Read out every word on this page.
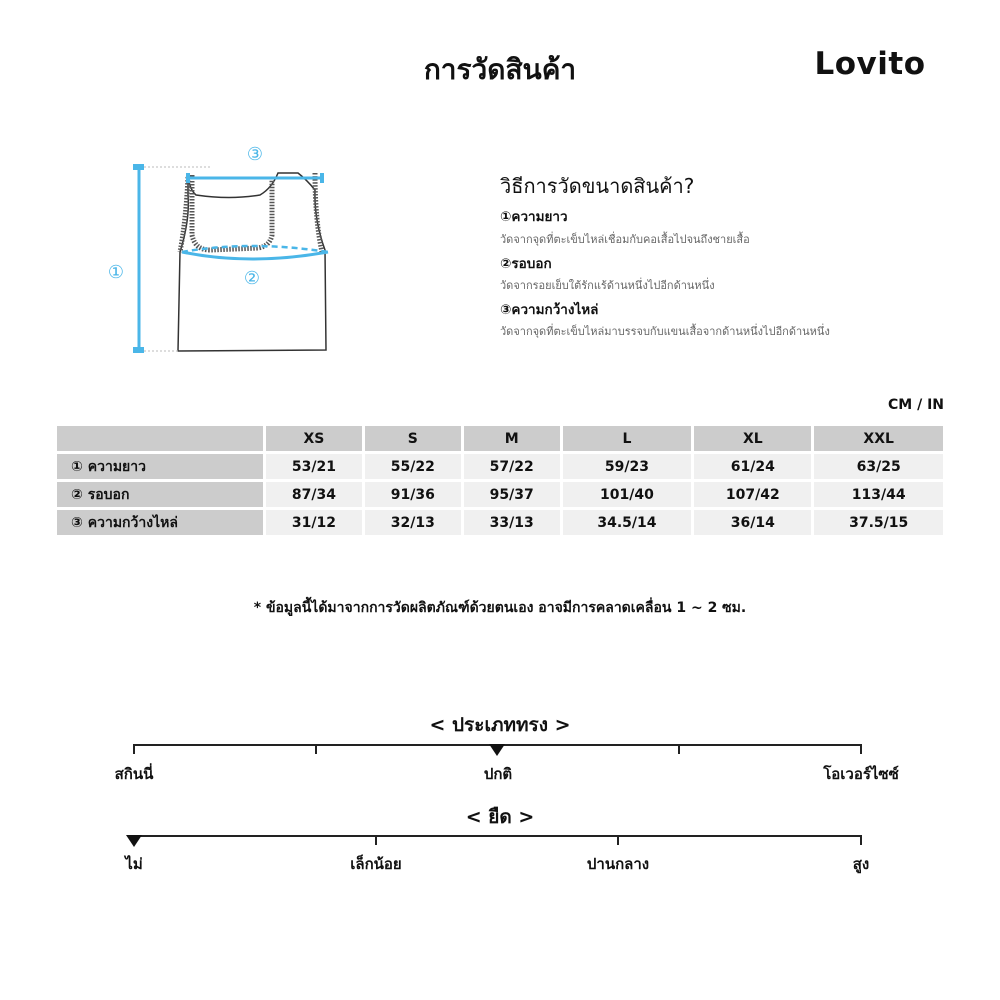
การวัดสินค้า	Lovito
①	②
③
วิธีการวัดขนาดสินค้า?
①ความยาว
วัดจากจุดที่ตะเข็บไหล่เชื่อมกับคอเสื้อไปจนถึงชายเสื้อ
②รอบอก
วัดจากรอยเย็บใต้รักแร้ด้านหนึ่งไปอีกด้านหนึ่ง
③ความกว้างไหล่
วัดจากจุดที่ตะเข็บไหล่มาบรรจบกับแขนเสื้อจากด้านหนึ่งไปอีกด้านหนึ่ง
CM / IN
	XS	S	M	L	XL	XXL
① ความยาว	53/21	55/22	57/22	59/23	61/24	63/25
② รอบอก	87/34	91/36	95/37	101/40	107/42	113/44
③ ความกว้างไหล่	31/12	32/13	33/13	34.5/14	36/14	37.5/15
* ข้อมูลนี้ได้มาจากการวัดผลิตภัณฑ์ด้วยตนเอง อาจมีการคลาดเคลื่อน 1 ~ 2 ซม.
< ประเภททรง >
สกินนี่	ปกติ	โอเวอร์ไซซ์
< ยืด >
ไม่	เล็กน้อย	ปานกลาง	สูง
